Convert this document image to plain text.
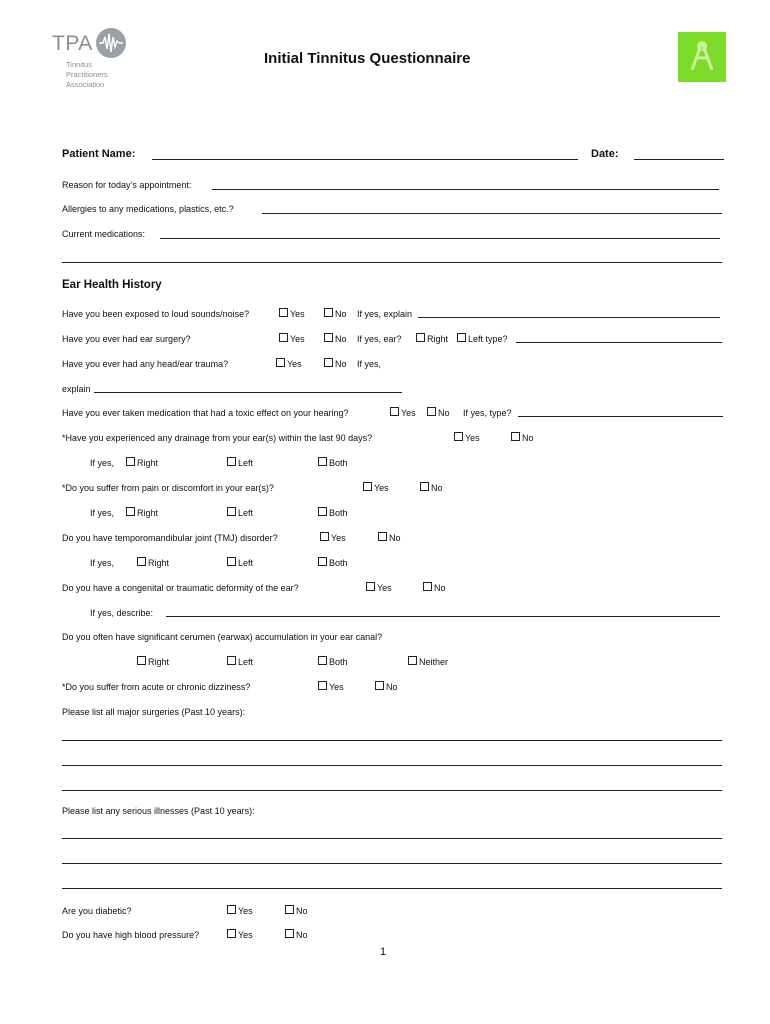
TPA
Tinnitus
Practitioners
Association
Initial Tinnitus Questionnaire
Patient Name:	Date:
Reason for today’s appointment:
Allergies to any medications, plastics, etc.?
Current medications:
Ear Health History
Have you been exposed to loud sounds/noise?	Yes	No If yes, explain
Have you ever had ear surgery?	Yes	No If yes, ear?	Right Left type?
Have you ever had any head/ear trauma?	Yes	No If yes,
explain
Have you ever taken medication that had a toxic effect on your hearing?	Yes No If yes, type?
*Have you experienced any drainage from your ear(s) within the last 90 days?	Yes	No
If yes,	Right	Left	Both
*Do you suffer from pain or discomfort in your ear(s)?	Yes	No
If yes,	Right	Left	Both
Do you have temporomandibular joint (TMJ) disorder?	Yes	No
If yes,	Right	Left	Both
Do you have a congenital or traumatic deformity of the ear?	Yes	No
If yes, describe:
Do you often have significant cerumen (earwax) accumulation in your ear canal?
Right	Left	Both	Neither
*Do you suffer from acute or chronic dizziness?	Yes	No
Please list all major surgeries (Past 10 years):
Please list any serious illnesses (Past 10 years):
Are you diabetic?	Yes	No
Do you have high blood pressure?	Yes	No
1
